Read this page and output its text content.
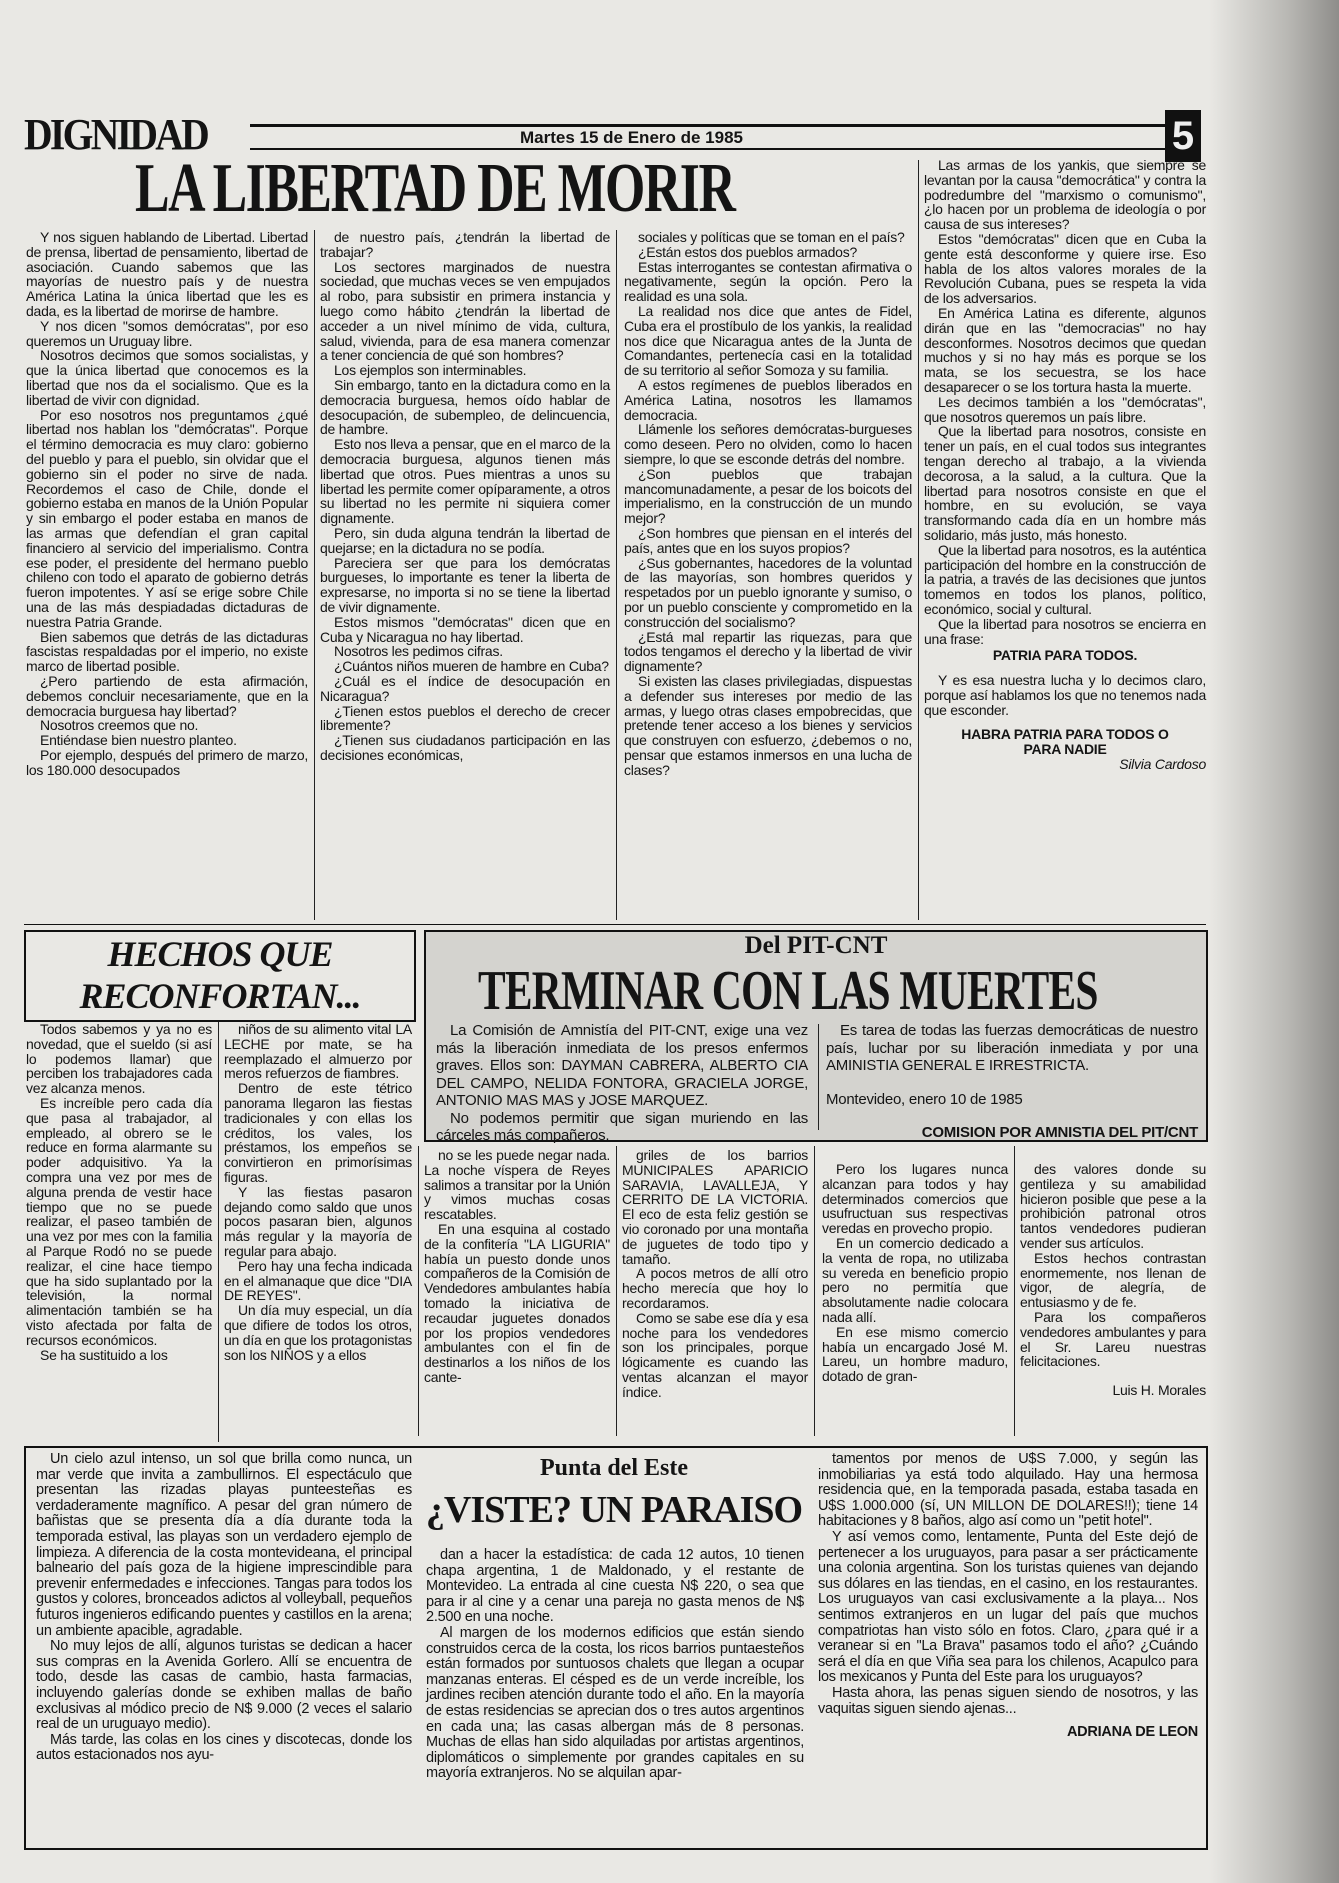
DIGNIDAD	Martes 15 de Enero de 1985	5
LA LIBERTAD DE MORIR

Y nos siguen hablando de Libertad. Libertad de prensa, libertad de pensamiento, libertad de asociación. Cuando sabemos que las mayorías de nuestro país y de nuestra América Latina la única libertad que les es dada, es la libertad de morirse de hambre.

Y nos dicen "somos demócratas", por eso queremos un Uruguay libre.

Nosotros decimos que somos socialistas, y que la única libertad que conocemos es la libertad que nos da el socialismo. Que es la libertad de vivir con dignidad.

Por eso nosotros nos preguntamos ¿qué libertad nos hablan los "demócratas". Porque el término democracia es muy claro: gobierno del pueblo y para el pueblo, sin olvidar que el gobierno sin el poder no sirve de nada. Recordemos el caso de Chile, donde el gobierno estaba en manos de la Unión Popular y sin embargo el poder estaba en manos de las armas que defendían el gran capital financiero al servicio del imperialismo. Contra ese poder, el presidente del hermano pueblo chileno con todo el aparato de gobierno detrás fueron impotentes. Y así se erige sobre Chile una de las más despiadadas dictaduras de nuestra Patria Grande.

Bien sabemos que detrás de las dictaduras fascistas respaldadas por el imperio, no existe marco de libertad posible.

¿Pero partiendo de esta afirmación, debemos concluir necesariamente, que en la democracia burguesa hay libertad?

Nosotros creemos que no.

Entiéndase bien nuestro planteo.

Por ejemplo, después del primero de marzo, los 180.000 desocupados

de nuestro país, ¿tendrán la libertad de trabajar?

Los sectores marginados de nuestra sociedad, que muchas veces se ven empujados al robo, para subsistir en primera instancia y luego como hábito ¿tendrán la libertad de acceder a un nivel mínimo de vida, cultura, salud, vivienda, para de esa manera comenzar a tener conciencia de qué son hombres?

Los ejemplos son interminables.

Sin embargo, tanto en la dictadura como en la democracia burguesa, hemos oído hablar de desocupación, de subempleo, de delincuencia, de hambre.

Esto nos lleva a pensar, que en el marco de la democracia burguesa, algunos tienen más libertad que otros. Pues mientras a unos su libertad les permite comer opíparamente, a otros su libertad no les permite ni siquiera comer dignamente.

Pero, sin duda alguna tendrán la libertad de quejarse; en la dictadura no se podía.

Pareciera ser que para los demócratas burgueses, lo importante es tener la liberta de expresarse, no importa si no se tiene la libertad de vivir dignamente.

Estos mismos "demócratas" dicen que en Cuba y Nicaragua no hay libertad.

Nosotros les pedimos cifras.

¿Cuántos niños mueren de hambre en Cuba?

¿Cuál es el índice de desocupación en Nicaragua?

¿Tienen estos pueblos el derecho de crecer libremente?

¿Tienen sus ciudadanos participación en las decisiones económicas,

sociales y políticas que se toman en el país?

¿Están estos dos pueblos armados?

Estas interrogantes se contestan afirmativa o negativamente, según la opción. Pero la realidad es una sola.

La realidad nos dice que antes de Fidel, Cuba era el prostíbulo de los yankis, la realidad nos dice que Nicaragua antes de la Junta de Comandantes, pertenecía casi en la totalidad de su territorio al señor Somoza y su familia.

A estos regímenes de pueblos liberados en América Latina, nosotros les llamamos democracia.

Llámenle los señores demócratas-burgueses como deseen. Pero no olviden, como lo hacen siempre, lo que se esconde detrás del nombre.

¿Son pueblos que trabajan mancomunadamente, a pesar de los boicots del imperialismo, en la construcción de un mundo mejor?

¿Son hombres que piensan en el interés del país, antes que en los suyos propios?

¿Sus gobernantes, hacedores de la voluntad de las mayorías, son hombres queridos y respetados por un pueblo ignorante y sumiso, o por un pueblo consciente y comprometido en la construcción del socialismo?

¿Está mal repartir las riquezas, para que todos tengamos el derecho y la libertad de vivir dignamente?

Si existen las clases privilegiadas, dispuestas a defender sus intereses por medio de las armas, y luego otras clases empobrecidas, que pretende tener acceso a los bienes y servicios que construyen con esfuerzo, ¿debemos o no, pensar que estamos inmersos en una lucha de clases?

Las armas de los yankis, que siempre se levantan por la causa "democrática" y contra la podredumbre del "marxismo o comunismo", ¿lo hacen por un problema de ideología o por causa de sus intereses?

Estos "demócratas" dicen que en Cuba la gente está desconforme y quiere irse. Eso habla de los altos valores morales de la Revolución Cubana, pues se respeta la vida de los adversarios.

En América Latina es diferente, algunos dirán que en las "democracias" no hay desconformes. Nosotros decimos que quedan muchos y si no hay más es porque se los mata, se los secuestra, se los hace desaparecer o se los tortura hasta la muerte.

Les decimos también a los "demócratas", que nosotros queremos un país libre.

Que la libertad para nosotros, consiste en tener un país, en el cual todos sus integrantes tengan derecho al trabajo, a la vivienda decorosa, a la salud, a la cultura. Que la libertad para nosotros consiste en que el hombre, en su evolución, se vaya transformando cada día en un hombre más solidario, más justo, más honesto.

Que la libertad para nosotros, es la auténtica participación del hombre en la construcción de la patria, a través de las decisiones que juntos tomemos en todos los planos, político, económico, social y cultural.

Que la libertad para nosotros se encierra en una frase:

PATRIA PARA TODOS.

Y es esa nuestra lucha y lo decimos claro, porque así hablamos los que no tenemos nada que esconder.

HABRA PATRIA PARA TODOS O PARA NADIE

Silvia Cardoso

HECHOS QUE RECONFORTAN...

Todos sabemos y ya no es novedad, que el sueldo (si así lo podemos llamar) que perciben los trabajadores cada vez alcanza menos.

Es increíble pero cada día que pasa al trabajador, al empleado, al obrero se le reduce en forma alarmante su poder adquisitivo. Ya la compra una vez por mes de alguna prenda de vestir hace tiempo que no se puede realizar, el paseo también de una vez por mes con la familia al Parque Rodó no se puede realizar, el cine hace tiempo que ha sido suplantado por la televisión, la normal alimentación también se ha visto afectada por falta de recursos económicos.

Se ha sustituido a los

niños de su alimento vital LA LECHE por mate, se ha reemplazado el almuerzo por meros refuerzos de fiambres.

Dentro de este tétrico panorama llegaron las fiestas tradicionales y con ellas los créditos, los vales, los préstamos, los empeños se convirtieron en primorísimas figuras.

Y las fiestas pasaron dejando como saldo que unos pocos pasaran bien, algunos más regular y la mayoría de regular para abajo.

Pero hay una fecha indicada en el almanaque que dice "DIA DE REYES".

Un día muy especial, un día que difiere de todos los otros, un día en que los protagonistas son los NIÑOS y a ellos

no se les puede negar nada. La noche víspera de Reyes salimos a transitar por la Unión y vimos muchas cosas rescatables.

En una esquina al costado de la confitería "LA LIGURIA" había un puesto donde unos compañeros de la Comisión de Vendedores ambulantes había tomado la iniciativa de recaudar juguetes donados por los propios vendedores ambulantes con el fin de destinarlos a los niños de los cante-

griles de los barrios MUNICIPALES APARICIO SARAVIA, LAVALLEJA, Y CERRITO DE LA VICTORIA. El eco de esta feliz gestión se vio coronado por una montaña de juguetes de todo tipo y tamaño.

A pocos metros de allí otro hecho merecía que hoy lo recordaramos.

Como se sabe ese día y esa noche para los vendedores son los principales, porque lógicamente es cuando las ventas alcanzan el mayor índice.

Pero los lugares nunca alcanzan para todos y hay determinados comercios que usufructuan sus respectivas veredas en provecho propio.

En un comercio dedicado a la venta de ropa, no utilizaba su vereda en beneficio propio pero no permitía que absolutamente nadie colocara nada allí.

En ese mismo comercio había un encargado José M. Lareu, un hombre maduro, dotado de gran-

des valores donde su gentileza y su amabilidad hicieron posible que pese a la prohibición patronal otros tantos vendedores pudieran vender sus artículos.

Estos hechos contrastan enormemente, nos llenan de vigor, de alegría, de entusiasmo y de fe.

Para los compañeros vendedores ambulantes y para el Sr. Lareu nuestras felicitaciones.

Luis H. Morales

Del PIT-CNT
TERMINAR CON LAS MUERTES

La Comisión de Amnistía del PIT-CNT, exige una vez más la liberación inmediata de los presos enfermos graves. Ellos son: DAYMAN CABRERA, ALBERTO CIA DEL CAMPO, NELIDA FONTORA, GRACIELA JORGE, ANTONIO MAS MAS y JOSE MARQUEZ.

No podemos permitir que sigan muriendo en las cárceles más compañeros.

Es tarea de todas las fuerzas democráticas de nuestro país, luchar por su liberación inmediata y por una AMINISTIA GENERAL E IRRESTRICTA.

Montevideo, enero 10 de 1985

COMISION POR AMNISTIA DEL PIT/CNT

Un cielo azul intenso, un sol que brilla como nunca, un mar verde que invita a zambullirnos. El espectáculo que presentan las rizadas playas punteesteñas es verdaderamente magnífico. A pesar del gran número de bañistas que se presenta día a día durante toda la temporada estival, las playas son un verdadero ejemplo de limpieza. A diferencia de la costa montevideana, el principal balneario del país goza de la higiene imprescindible para prevenir enfermedades e infecciones. Tangas para todos los gustos y colores, bronceados adictos al volleyball, pequeños futuros ingenieros edificando puentes y castillos en la arena; un ambiente apacible, agradable.

No muy lejos de allí, algunos turistas se dedican a hacer sus compras en la Avenida Gorlero. Allí se encuentra de todo, desde las casas de cambio, hasta farmacias, incluyendo galerías donde se exhiben mallas de baño exclusivas al módico precio de N$ 9.000 (2 veces el salario real de un uruguayo medio).

Más tarde, las colas en los cines y discotecas, donde los autos estacionados nos ayu-

Punta del Este
¿VISTE? UN PARAISO

dan a hacer la estadística: de cada 12 autos, 10 tienen chapa argentina, 1 de Maldonado, y el restante de Montevideo. La entrada al cine cuesta N$ 220, o sea que para ir al cine y a cenar una pareja no gasta menos de N$ 2.500 en una noche.

Al margen de los modernos edificios que están siendo construidos cerca de la costa, los ricos barrios puntaesteños están formados por suntuosos chalets que llegan a ocupar manzanas enteras. El césped es de un verde increíble, los jardines reciben atención durante todo el año. En la mayoría de estas residencias se aprecian dos o tres autos argentinos en cada una; las casas albergan más de 8 personas. Muchas de ellas han sido alquiladas por artistas argentinos, diplomáticos o simplemente por grandes capitales en su mayoría extranjeros. No se alquilan apar-

tamentos por menos de U$S 7.000, y según las inmobiliarias ya está todo alquilado. Hay una hermosa residencia que, en la temporada pasada, estaba tasada en U$S 1.000.000 (sí, UN MILLON DE DOLARES!!); tiene 14 habitaciones y 8 baños, algo así como un "petit hotel".

Y así vemos como, lentamente, Punta del Este dejó de pertenecer a los uruguayos, para pasar a ser prácticamente una colonia argentina. Son los turistas quienes van dejando sus dólares en las tiendas, en el casino, en los restaurantes. Los uruguayos van casi exclusivamente a la playa... Nos sentimos extranjeros en un lugar del país que muchos compatriotas han visto sólo en fotos. Claro, ¿para qué ir a veranear si en "La Brava" pasamos todo el año? ¿Cuándo será el día en que Viña sea para los chilenos, Acapulco para los mexicanos y Punta del Este para los uruguayos?

Hasta ahora, las penas siguen siendo de nosotros, y las vaquitas siguen siendo ajenas...

ADRIANA DE LEON
